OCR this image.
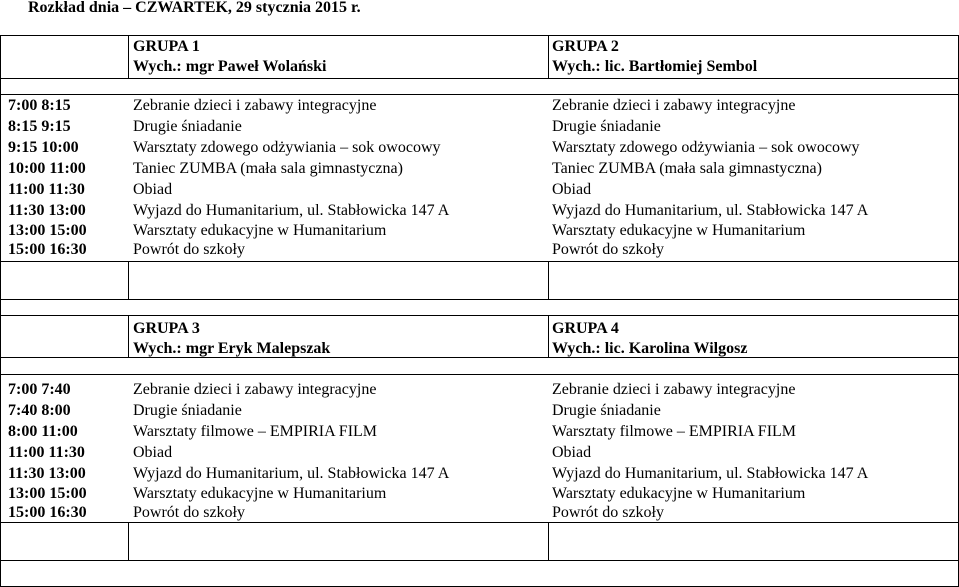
Rozkład dnia – CZWARTEK, 29 stycznia 2015 r.
GRUPA 1
Wych.: mgr Paweł Wolański
GRUPA 2
Wych.: lic. Bartłomiej Sembol
7:00 8:15	Zebranie dzieci i zabawy integracyjne	Zebranie dzieci i zabawy integracyjne
8:15 9:15	Drugie śniadanie	Drugie śniadanie
9:15 10:00	Warsztaty zdowego odżywiania – sok owocowy	Warsztaty zdowego odżywiania – sok owocowy
10:00 11:00	Taniec ZUMBA (mała sala gimnastyczna)	Taniec ZUMBA (mała sala gimnastyczna)
11:00 11:30	Obiad	Obiad
11:30 13:00	Wyjazd do Humanitarium, ul. Stabłowicka 147 A	Wyjazd do Humanitarium, ul. Stabłowicka 147 A
13:00 15:00	Warsztaty edukacyjne w Humanitarium	Warsztaty edukacyjne w Humanitarium
15:00 16:30	Powrót do szkoły	Powrót do szkoły
GRUPA 3
Wych.: mgr Eryk Malepszak
GRUPA 4
Wych.: lic. Karolina Wilgosz
7:00 7:40	Zebranie dzieci i zabawy integracyjne	Zebranie dzieci i zabawy integracyjne
7:40 8:00	Drugie śniadanie	Drugie śniadanie
8:00 11:00	Warsztaty filmowe – EMPIRIA FILM	Warsztaty filmowe – EMPIRIA FILM
11:00 11:30	Obiad	Obiad
11:30 13:00	Wyjazd do Humanitarium, ul. Stabłowicka 147 A	Wyjazd do Humanitarium, ul. Stabłowicka 147 A
13:00 15:00	Warsztaty edukacyjne w Humanitarium	Warsztaty edukacyjne w Humanitarium
15:00 16:30	Powrót do szkoły	Powrót do szkoły
